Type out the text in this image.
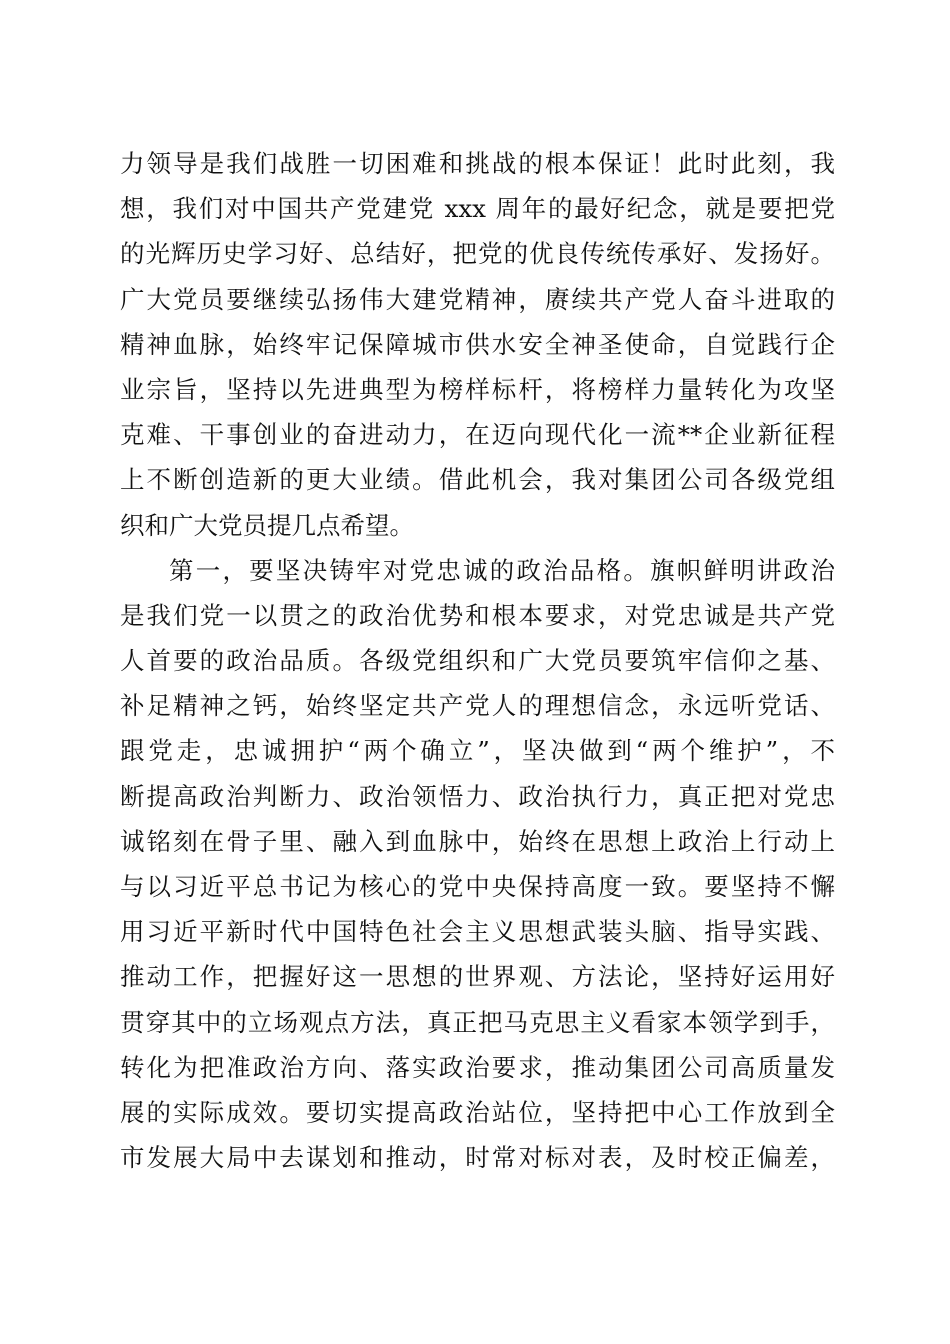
力领导是我们战胜一切困难和挑战的根本保证！此时此刻，我
想，我们对中国共产党建党 xxx 周年的最好纪念，就是要把党
的光辉历史学习好、总结好，把党的优良传统传承好、发扬好。
广大党员要继续弘扬伟大建党精神，赓续共产党人奋斗进取的
精神血脉，始终牢记保障城市供水安全神圣使命，自觉践行企
业宗旨，坚持以先进典型为榜样标杆，将榜样力量转化为攻坚
克难、干事创业的奋进动力，在迈向现代化一流**企业新征程
上不断创造新的更大业绩。借此机会，我对集团公司各级党组
织和广大党员提几点希望。
第一，要坚决铸牢对党忠诚的政治品格。旗帜鲜明讲政治
是我们党一以贯之的政治优势和根本要求，对党忠诚是共产党
人首要的政治品质。各级党组织和广大党员要筑牢信仰之基、
补足精神之钙，始终坚定共产党人的理想信念，永远听党话、
跟党走，忠诚拥护“两个确立”，坚决做到“两个维护”，不
断提高政治判断力、政治领悟力、政治执行力，真正把对党忠
诚铭刻在骨子里、融入到血脉中，始终在思想上政治上行动上
与以习近平总书记为核心的党中央保持高度一致。要坚持不懈
用习近平新时代中国特色社会主义思想武装头脑、指导实践、
推动工作，把握好这一思想的世界观、方法论，坚持好运用好
贯穿其中的立场观点方法，真正把马克思主义看家本领学到手，
转化为把准政治方向、落实政治要求，推动集团公司高质量发
展的实际成效。要切实提高政治站位，坚持把中心工作放到全
市发展大局中去谋划和推动，时常对标对表，及时校正偏差，
